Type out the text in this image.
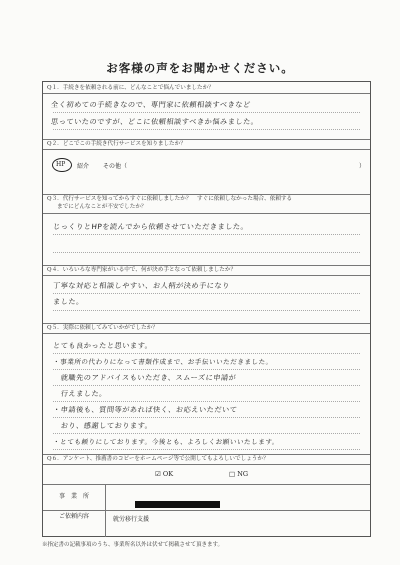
お客様の声をお聞かせください。
Q１．手続きを依頼される前に、どんなことで悩んでいましたか？
全く初めての手続きなので、専門家に依頼相談すべきなど
思っていたのですが、どこに依頼相談すべきか悩みました。
Q２．どこでこの手続き代行サービスを知りましたか？
HP 紹介 その他（	）
Q３．代行サービスを知ってからすぐに依頼しましたか？　すぐに依頼しなかった場合、依頼する
までにどんなことが不安でしたか？
じっくりとHPを読んでから依頼させていただきました。
Q４．いろいろな専門家がいる中で、何が決め手となって依頼しましたか？
丁寧な対応と相談しやすい、お人柄が決め手になり
ました。
Q５．実際に依頼してみていかがでしたか？
とても良かったと思います。
・事業所の代わりになって書類作成まで、お手伝いいただきました。
　就職先のアドバイスもいただき、スムーズに申請が
　行えました。
・申請後も、質問等があれば快く、お応えいただいて
　おり、感謝しております。
・とても頼りにしております。今後とも、よろしくお願いいたします。
Q６．アンケート、推薦書のコピーをホームページ等で公開してもよろしいでしょうか？
☑ OK	□ NG
事　業　所
ご依頼内容	就労移行支援
※指定書の記載事項のうち、事業所名以外は伏せて掲載させて頂きます。
